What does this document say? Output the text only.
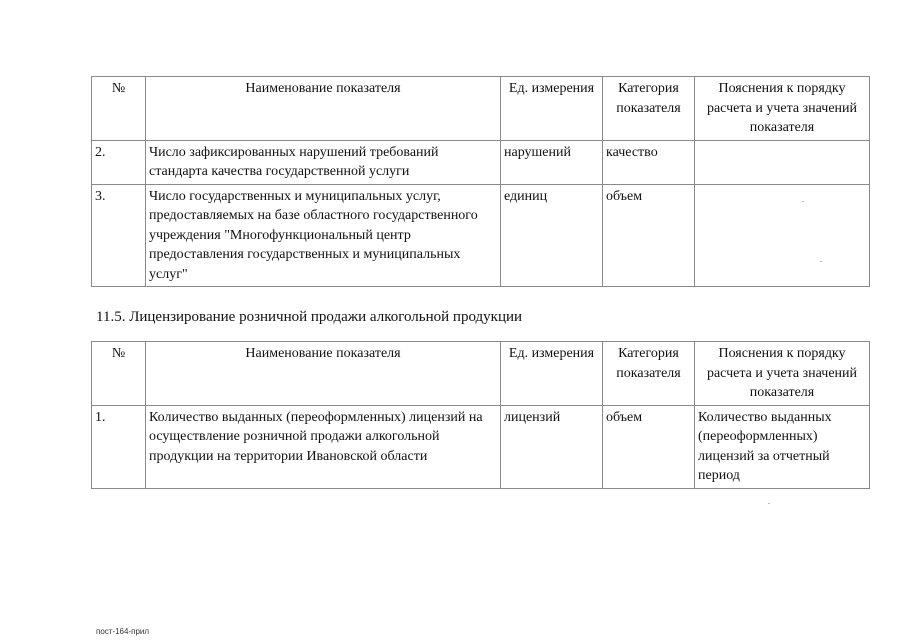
№	Наименование показателя	Ед. измерения	Категория показателя	Пояснения к порядку расчета и учета значений показателя
2.	Число зафиксированных нарушений требований стандарта качества государственной услуги	нарушений	качество	
3.	Число государственных и муниципальных услуг, предоставляемых на базе областного государственного учреждения "Многофункциональный центр предоставления государственных и муниципальных услуг"	единиц	объем	
11.5. Лицензирование розничной продажи алкогольной продукции
№	Наименование показателя	Ед. измерения	Категория показателя	Пояснения к порядку расчета и учета значений показателя
1.	Количество выданных (переоформленных) лицензий на осуществление розничной продажи алкогольной продукции на территории Ивановской области	лицензий	объем	Количество выданных (переоформленных) лицензий за отчетный период
пост-164-прил
